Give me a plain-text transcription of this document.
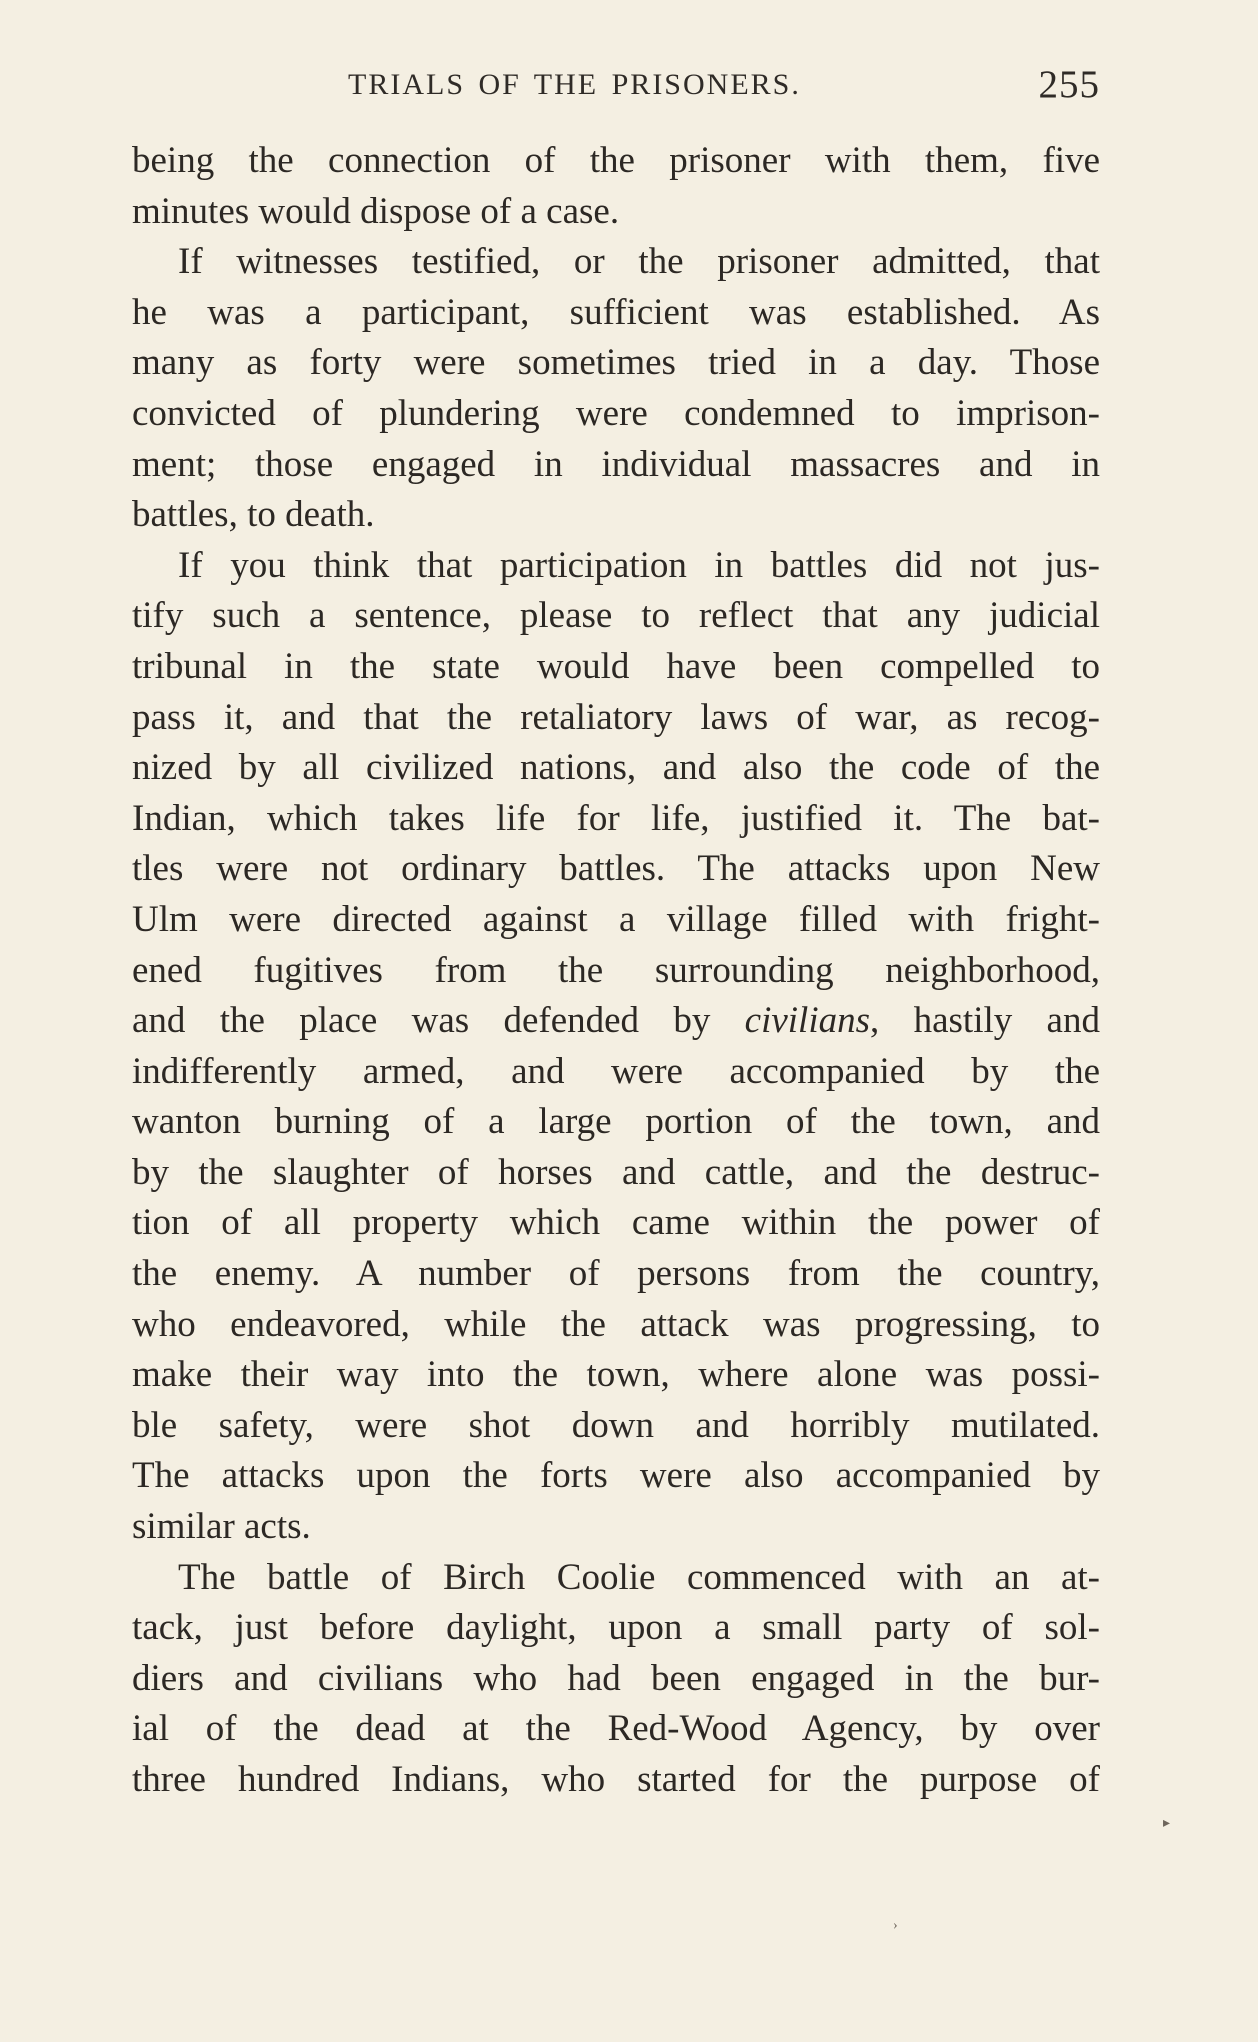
TRIALS OF THE PRISONERS.	255
being the connection of the prisoner with them, five
minutes would dispose of a case.
If witnesses testified, or the prisoner admitted, that
he was a participant, sufficient was established. As
many as forty were sometimes tried in a day. Those
convicted of plundering were condemned to imprison-
ment; those engaged in individual massacres and in
battles, to death.
If you think that participation in battles did not jus-
tify such a sentence, please to reflect that any judicial
tribunal in the state would have been compelled to
pass it, and that the retaliatory laws of war, as recog-
nized by all civilized nations, and also the code of the
Indian, which takes life for life, justified it. The bat-
tles were not ordinary battles. The attacks upon New
Ulm were directed against a village filled with fright-
ened fugitives from the surrounding neighborhood,
and the place was defended by civilians, hastily and
indifferently armed, and were accompanied by the
wanton burning of a large portion of the town, and
by the slaughter of horses and cattle, and the destruc-
tion of all property which came within the power of
the enemy. A number of persons from the country,
who endeavored, while the attack was progressing, to
make their way into the town, where alone was possi-
ble safety, were shot down and horribly mutilated.
The attacks upon the forts were also accompanied by
similar acts.
The battle of Birch Coolie commenced with an at-
tack, just before daylight, upon a small party of sol-
diers and civilians who had been engaged in the bur-
ial of the dead at the Red-Wood Agency, by over
three hundred Indians, who started for the purpose of
▸
›
